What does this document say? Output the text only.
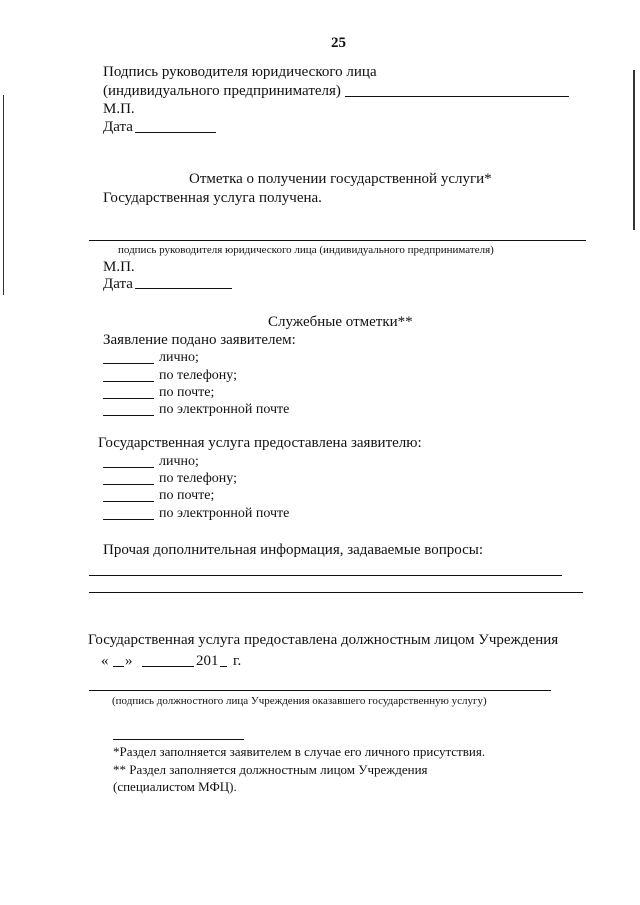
25
Подпись руководителя юридического лица
(индивидуального предпринимателя)
М.П.
Дата
Отметка о получении государственной услуги*
Государственная услуга получена.
подпись руководителя юридического лица (индивидуального предпринимателя)
М.П.
Дата
Служебные отметки**
Заявление подано заявителем:
лично;
по телефону;
по почте;
по электронной почте
Государственная услуга предоставлена заявителю:
лично;
по телефону;
по почте;
по электронной почте
Прочая дополнительная информация, задаваемые вопросы:
Государственная услуга предоставлена должностным лицом Учреждения
« »	201 г.
(подпись должностного лица Учреждения оказавшего государственную услугу)
*Раздел заполняется заявителем в случае его личного присутствия.
** Раздел заполняется должностным лицом Учреждения
(специалистом МФЦ).
